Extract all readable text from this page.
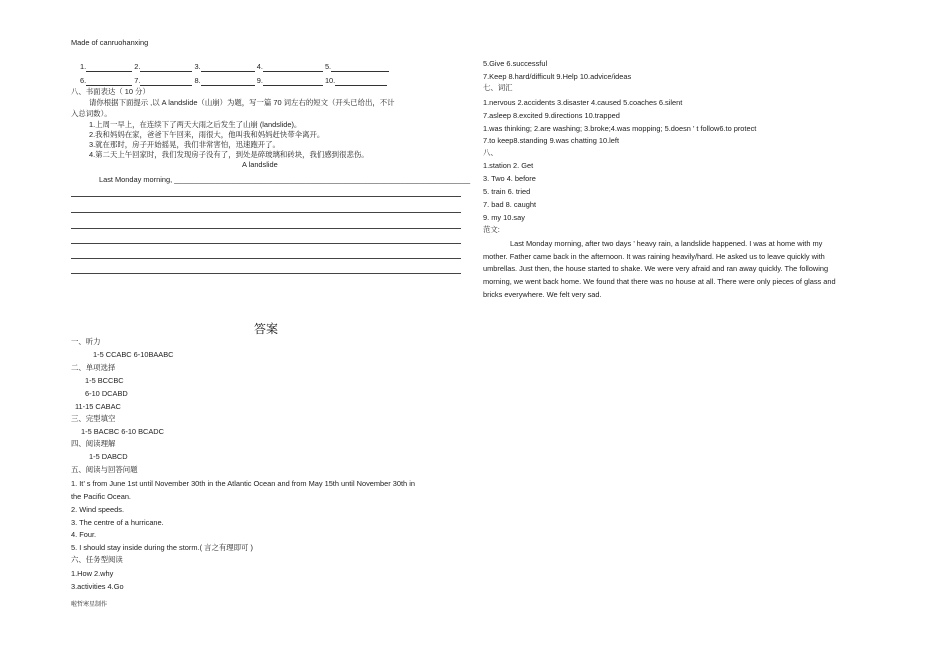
Made of canruohanxing
1.	2.	3.	4.	5.
6.	7.	8.	9.	10.
八、书面表达（ 10 分）
请你根据下面提示 ,以 A landslide（山崩）为题，写一篇 70 词左右的短文（开头已给出，不计
入总词数）。
1.上周一早上，在连续下了两天大雨之后发生了山崩 (landslide)。
2.我和妈妈在家，爸爸下午回来，雨很大，他叫我和妈妈赶快带伞离开。
3.就在那时，房子开始摇晃，我们非常害怕，迅速跑开了。
4.第二天上午回家时，我们发现房子没有了，到处是碎玻璃和砖块，我们感到很悲伤。
A landslide
Last Monday morning, ________________________________________________________________________
答案
一、听力
1-5 CCABC 6-10BAABC
二、单项选择
1-5 BCCBC
6-10 DCABD
11-15 CABAC
三、完型填空
1-5 BACBC 6-10 BCADC
四、阅读理解
1-5 DABCD
五、阅读与回答问题
1. It’ s from June 1st until November 30th in the Atlantic Ocean and from May 15th until November 30th in
the Pacific Ocean.
2. Wind speeds.
3. The centre of a hurricane.
4. Four.
5. I should stay inside during the storm.( 言之有理即可 )
六、任务型阅读
1.How 2.why
3.activities 4.Go
啦哲寒星制作
5.Give 6.successful
7.Keep 8.hard/difficult 9.Help 10.advice/ideas
七、词汇
1.nervous 2.accidents 3.disaster 4.caused 5.coaches 6.silent
7.asleep 8.excited 9.directions 10.trapped
1.was thinking; 2.are washing; 3.broke;4.was mopping; 5.doesn ’ t follow6.to protect
7.to keep8.standing 9.was chatting 10.left
八、
1.station 2. Get
3. Two 4. before
5. train 6. tried
7. bad 8. caught
9. my 10.say
范文:
Last Monday morning, after two days ’ heavy rain, a landslide happened. I was at home with my
mother. Father came back in the afternoon. It was raining heavily/hard. He asked us to leave quickly with
umbrellas. Just then, the house started to shake. We were very afraid and ran away quickly. The following
morning, we went back home. We found that there was no house at all. There were only pieces of glass and
bricks everywhere. We felt very sad.
